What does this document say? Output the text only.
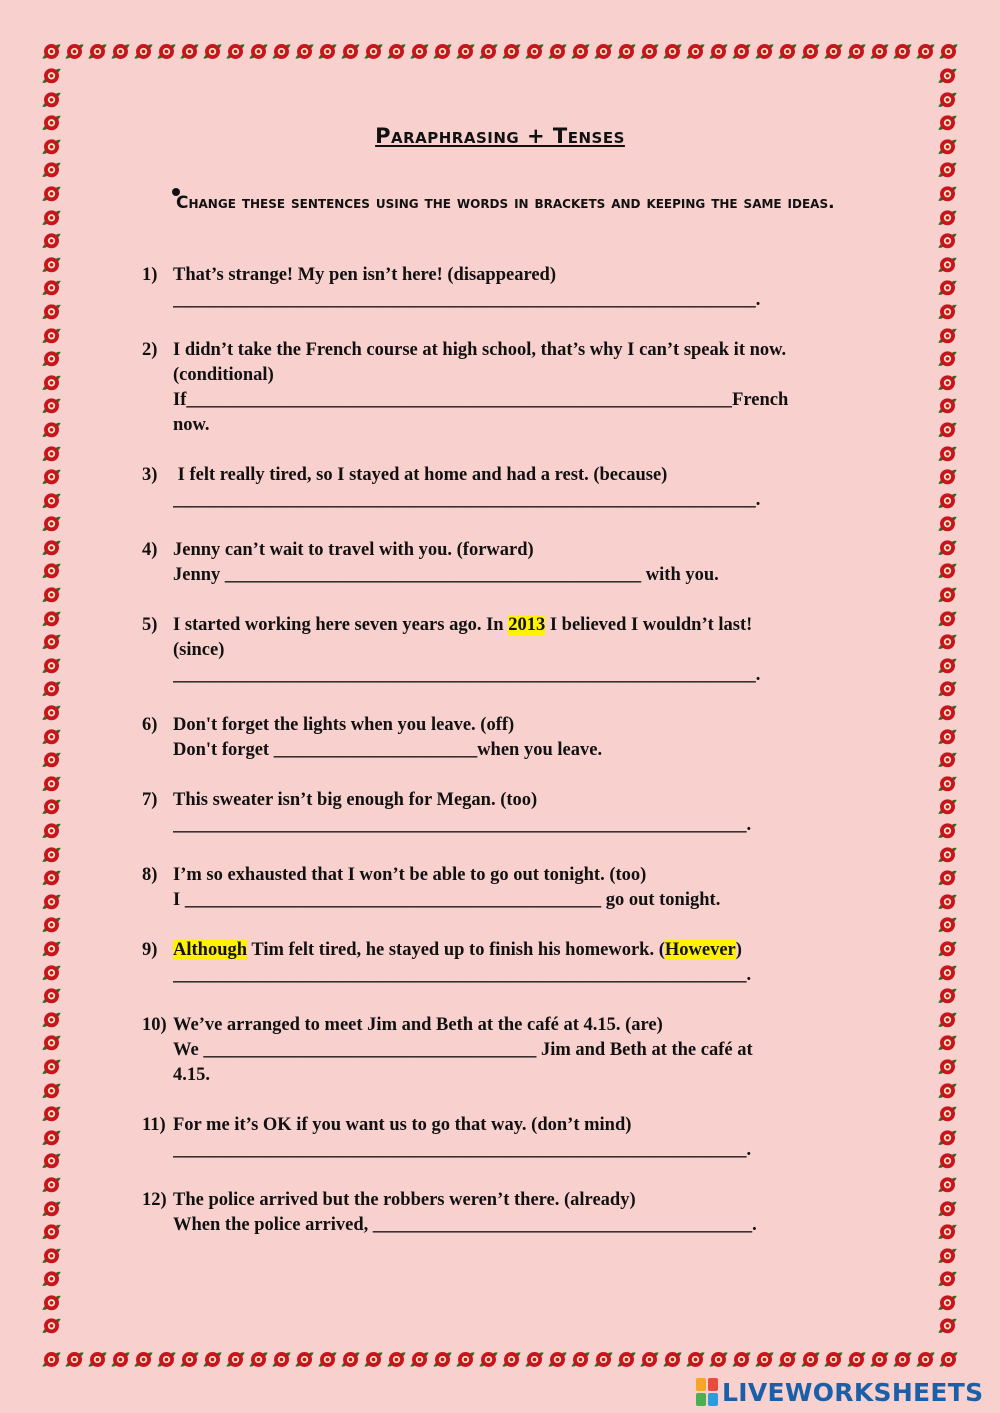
Paraphrasing + Tenses
Change these sentences using the words in brackets and keeping the same ideas.
1) That’s strange! My pen isn’t here! (disappeared)
_______________________________________________________________.
2) I didn’t take the French course at high school, that’s why I can’t speak it now.
(conditional)
If ___________________________________________________________ French
now.
3) I felt really tired, so I stayed at home and had a rest. (because)
_______________________________________________________________.
4) Jenny can’t wait to travel with you. (forward)
Jenny _____________________________________________ with you.
5) I started working here seven years ago. In 2013 I believed I wouldn’t last!
(since)
_______________________________________________________________.
6) Don't forget the lights when you leave. (off)
Don't forget ______________________when you leave.
7) This sweater isn’t big enough for Megan. (too)
______________________________________________________________.
8) I’m so exhausted that I won’t be able to go out tonight. (too)
I _____________________________________________ go out tonight.
9) Although Tim felt tired, he stayed up to finish his homework. (However)
______________________________________________________________.
10) We’ve arranged to meet Jim and Beth at the café at 4.15. (are)
We ____________________________________ Jim and Beth at the café at
4.15.
11) For me it’s OK if you want us to go that way. (don’t mind)
______________________________________________________________.
12) The police arrived but the robbers weren’t there. (already)
When the police arrived, _________________________________________.
LIVEWORKSHEETS
